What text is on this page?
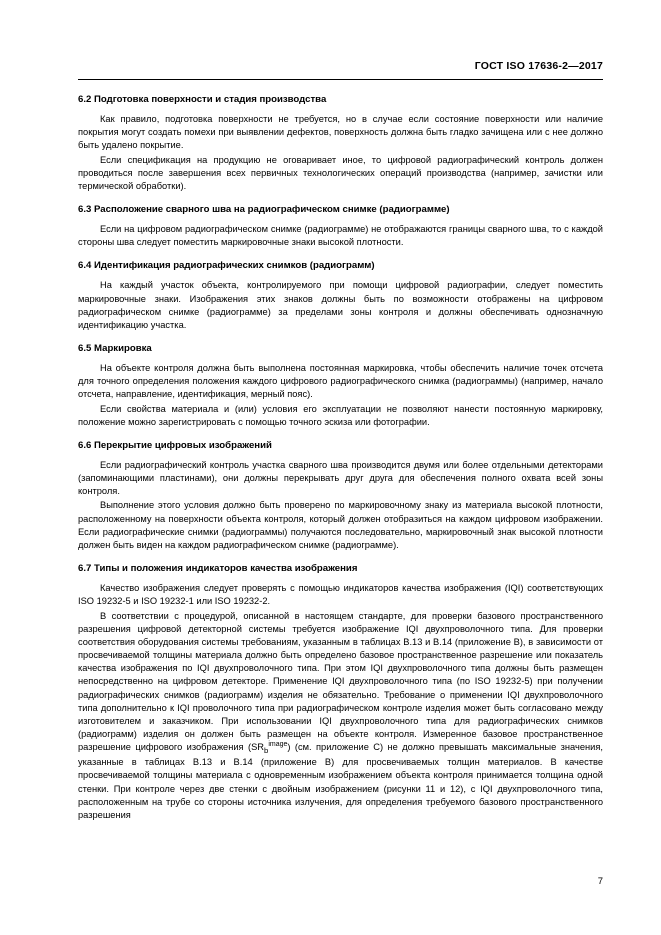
ГОСТ ISO 17636-2—2017
6.2 Подготовка поверхности и стадия производства

Как правило, подготовка поверхности не требуется, но в случае если состояние поверхности или наличие покрытия могут создать помехи при выявлении дефектов, поверхность должна быть гладко зачищена или с нее должно быть удалено покрытие.

Если спецификация на продукцию не оговаривает иное, то цифровой радиографический контроль должен проводиться после завершения всех первичных технологических операций производства (например, зачистки или термической обработки).

6.3 Расположение сварного шва на радиографическом снимке (радиограмме)

Если на цифровом радиографическом снимке (радиограмме) не отображаются границы сварного шва, то с каждой стороны шва следует поместить маркировочные знаки высокой плотности.

6.4 Идентификация радиографических снимков (радиограмм)

На каждый участок объекта, контролируемого при помощи цифровой радиографии, следует поместить маркировочные знаки. Изображения этих знаков должны быть по возможности отображены на цифровом радиографическом снимке (радиограмме) за пределами зоны контроля и должны обеспечивать однозначную идентификацию участка.

6.5 Маркировка

На объекте контроля должна быть выполнена постоянная маркировка, чтобы обеспечить наличие точек отсчета для точного определения положения каждого цифрового радиографического снимка (радиограммы) (например, начало отсчета, направление, идентификация, мерный пояс).

Если свойства материала и (или) условия его эксплуатации не позволяют нанести постоянную маркировку, положение можно зарегистрировать с помощью точного эскиза или фотографии.

6.6 Перекрытие цифровых изображений

Если радиографический контроль участка сварного шва производится двумя или более отдельными детекторами (запоминающими пластинами), они должны перекрывать друг друга для обеспечения полного охвата всей зоны контроля.

Выполнение этого условия должно быть проверено по маркировочному знаку из материала высокой плотности, расположенному на поверхности объекта контроля, который должен отобразиться на каждом цифровом изображении. Если радиографические снимки (радиограммы) получаются последовательно, маркировочный знак высокой плотности должен быть виден на каждом радиографическом снимке (радиограмме).

6.7 Типы и положения индикаторов качества изображения

Качество изображения следует проверять с помощью индикаторов качества изображения (IQI) соответствующих ISO 19232-5 и ISO 19232-1 или ISO 19232-2.

В соответствии с процедурой, описанной в настоящем стандарте, для проверки базового пространственного разрешения цифровой детекторной системы требуется изображение IQI двухпроволочного типа. Для проверки соответствия оборудования системы требованиям, указанным в таблицах В.13 и В.14 (приложение В), в зависимости от просвечиваемой толщины материала должно быть определено базовое пространственное разрешение или показатель качества изображения по IQI двухпроволочного типа. При этом IQI двухпроволочного типа должны быть размещен непосредственно на цифровом детекторе. Применение IQI двухпроволочного типа (по ISO 19232-5) при получении радиографических снимков (радиограмм) изделия не обязательно. Требование о применении IQI двухпроволочного типа дополнительно к IQI проволочного типа при радиографическом контроле изделия может быть согласовано между изготовителем и заказчиком. При использовании IQI двухпроволочного типа для радиографических снимков (радиограмм) изделия он должен быть размещен на объекте контроля. Измеренное базовое пространственное разрешение цифрового изображения $(SR_b^{image})$ (см. приложение С) не должно превышать максимальные значения, указанные в таблицах В.13 и В.14 (приложение В) для просвечиваемых толщин материалов. В качестве просвечиваемой толщины материала с одновременным изображением объекта контроля принимается толщина одной стенки. При контроле через две стенки с двойным изображением (рисунки 11 и 12), с IQI двухпроволочного типа, расположенным на трубе со стороны источника излучения, для определения требуемого базового пространственного разрешения

7
